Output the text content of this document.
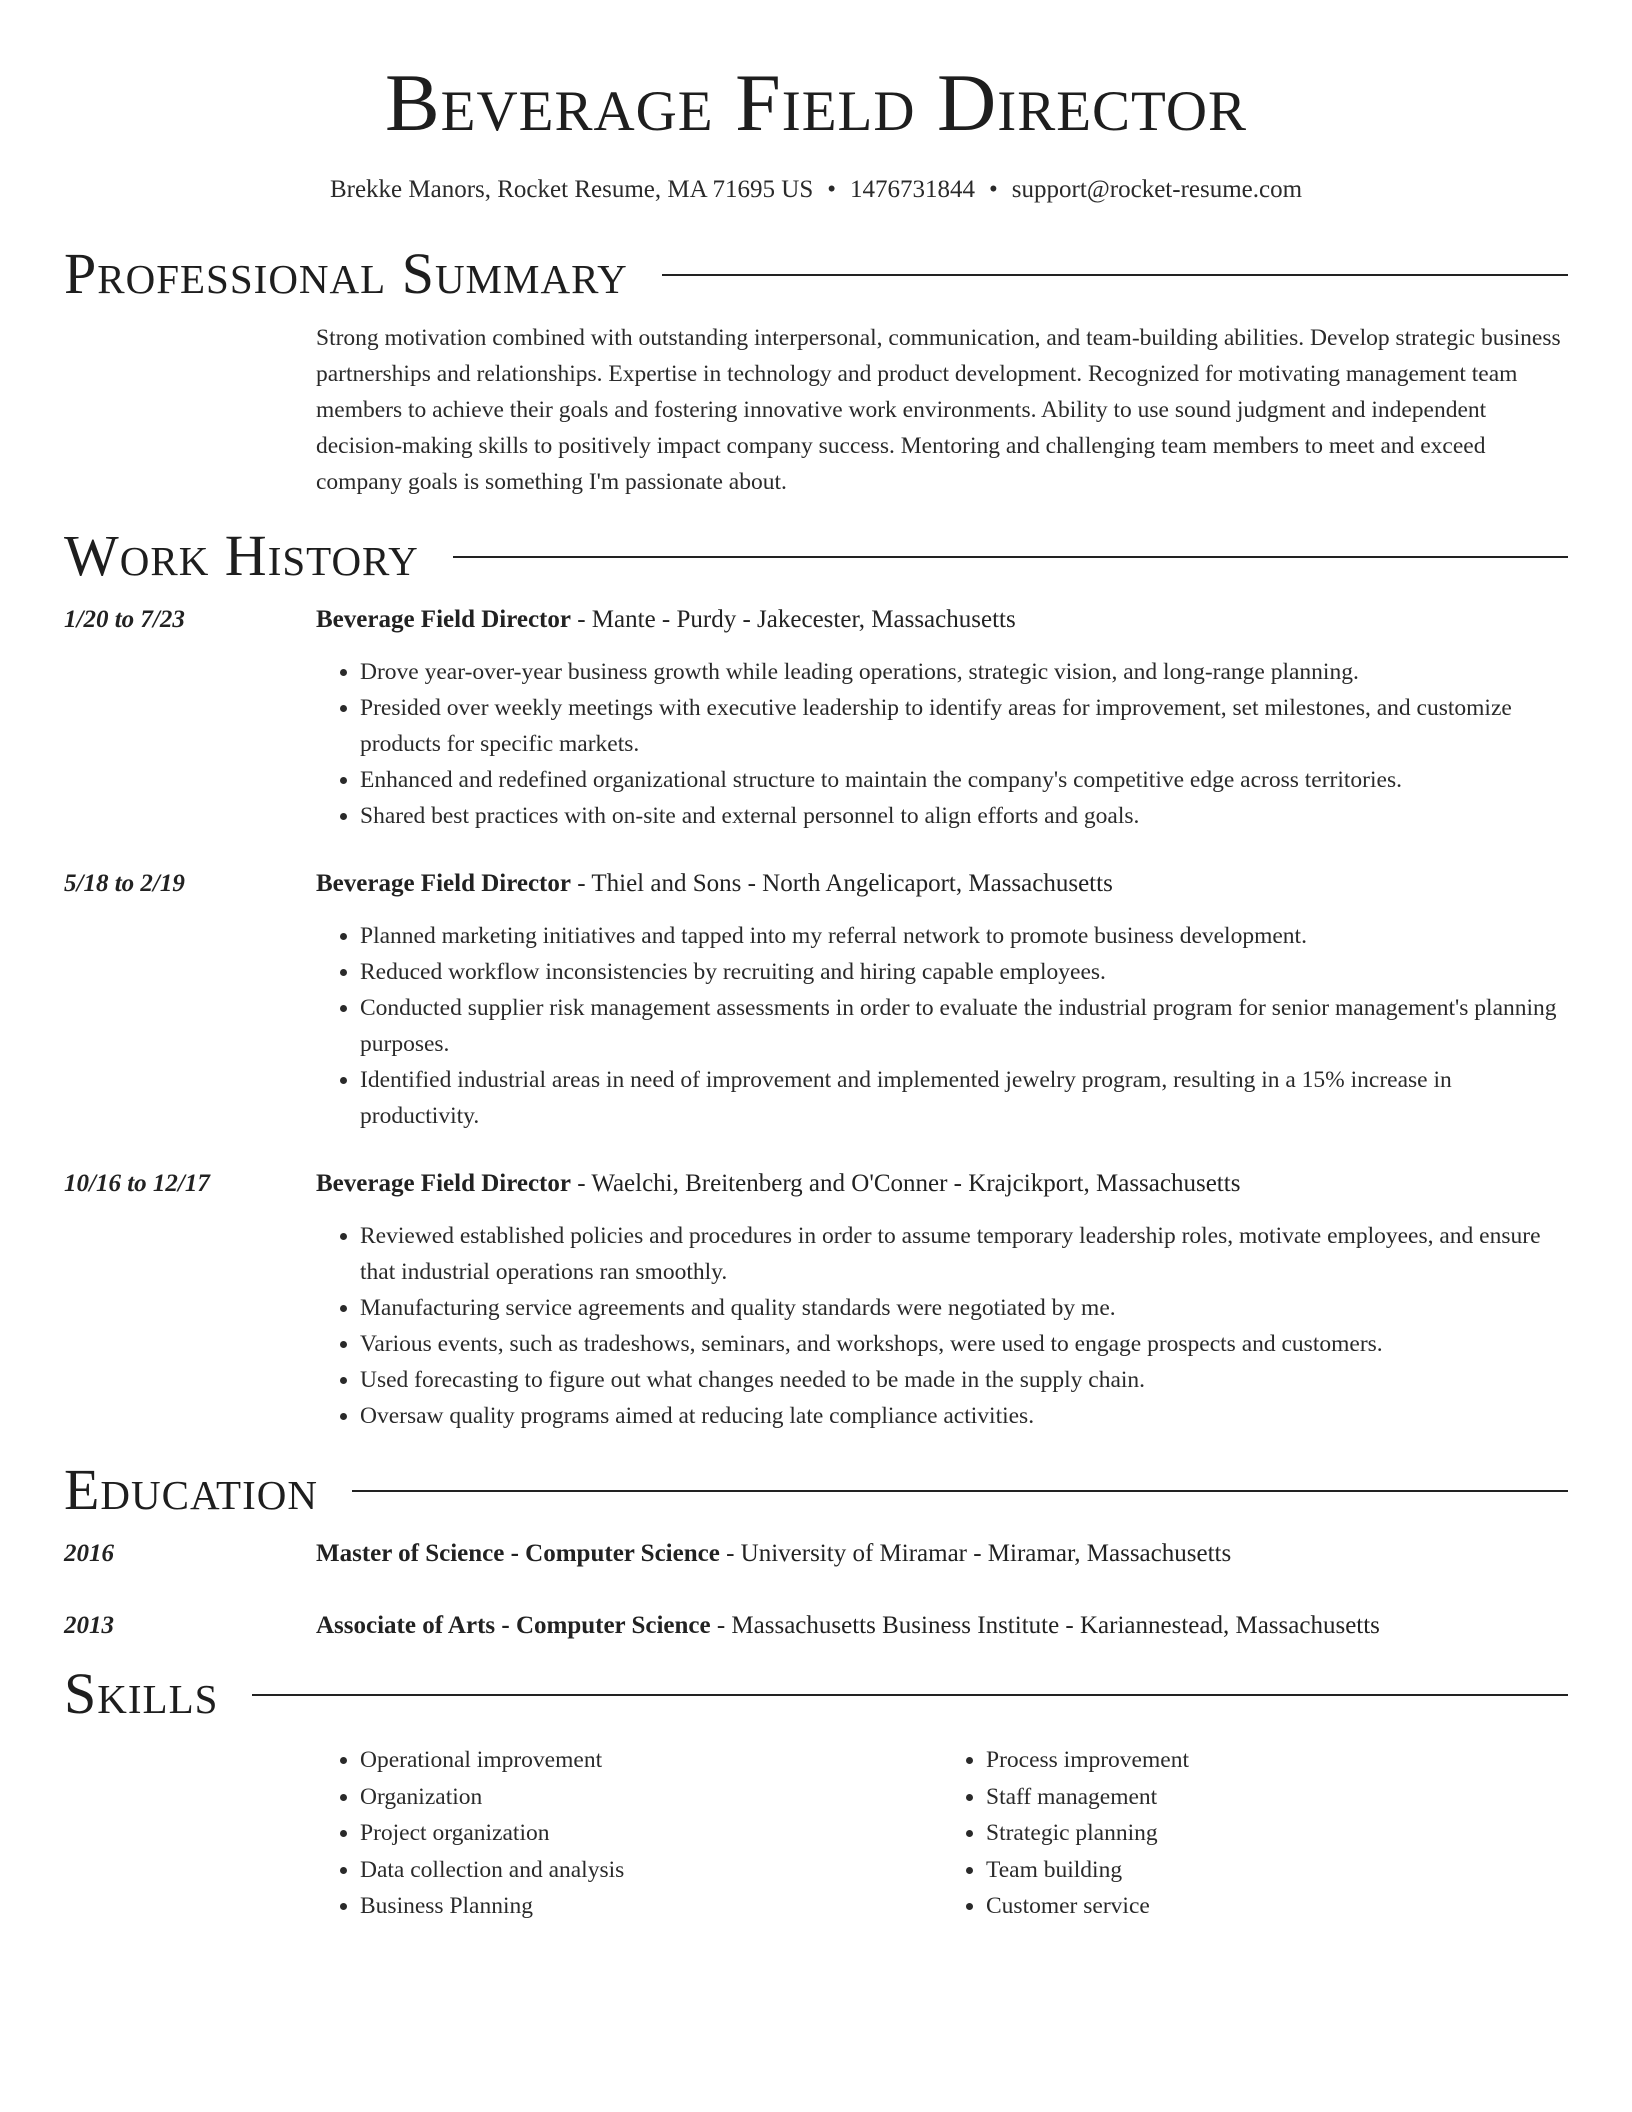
Beverage Field Director
Brekke Manors, Rocket Resume, MA 71695 US • 1476731844 • support@rocket-resume.com
Professional Summary
Strong motivation combined with outstanding interpersonal, communication, and team-building abilities. Develop strategic business partnerships and relationships. Expertise in technology and product development. Recognized for motivating management team members to achieve their goals and fostering innovative work environments. Ability to use sound judgment and independent decision-making skills to positively impact company success. Mentoring and challenging team members to meet and exceed company goals is something I'm passionate about.
Work History
1/20 to 7/23	Beverage Field Director - Mante - Purdy - Jakecester, Massachusetts
• Drove year-over-year business growth while leading operations, strategic vision, and long-range planning.
• Presided over weekly meetings with executive leadership to identify areas for improvement, set milestones, and customize products for specific markets.
• Enhanced and redefined organizational structure to maintain the company's competitive edge across territories.
• Shared best practices with on-site and external personnel to align efforts and goals.
5/18 to 2/19	Beverage Field Director - Thiel and Sons - North Angelicaport, Massachusetts
• Planned marketing initiatives and tapped into my referral network to promote business development.
• Reduced workflow inconsistencies by recruiting and hiring capable employees.
• Conducted supplier risk management assessments in order to evaluate the industrial program for senior management's planning purposes.
• Identified industrial areas in need of improvement and implemented jewelry program, resulting in a 15% increase in productivity.
10/16 to 12/17	Beverage Field Director - Waelchi, Breitenberg and O'Conner - Krajcikport, Massachusetts
• Reviewed established policies and procedures in order to assume temporary leadership roles, motivate employees, and ensure that industrial operations ran smoothly.
• Manufacturing service agreements and quality standards were negotiated by me.
• Various events, such as tradeshows, seminars, and workshops, were used to engage prospects and customers.
• Used forecasting to figure out what changes needed to be made in the supply chain.
• Oversaw quality programs aimed at reducing late compliance activities.
Education
2016	Master of Science - Computer Science - University of Miramar - Miramar, Massachusetts
2013	Associate of Arts - Computer Science - Massachusetts Business Institute - Kariannestead, Massachusetts
Skills
• Operational improvement
• Organization
• Project organization
• Data collection and analysis
• Business Planning
• Process improvement
• Staff management
• Strategic planning
• Team building
• Customer service
